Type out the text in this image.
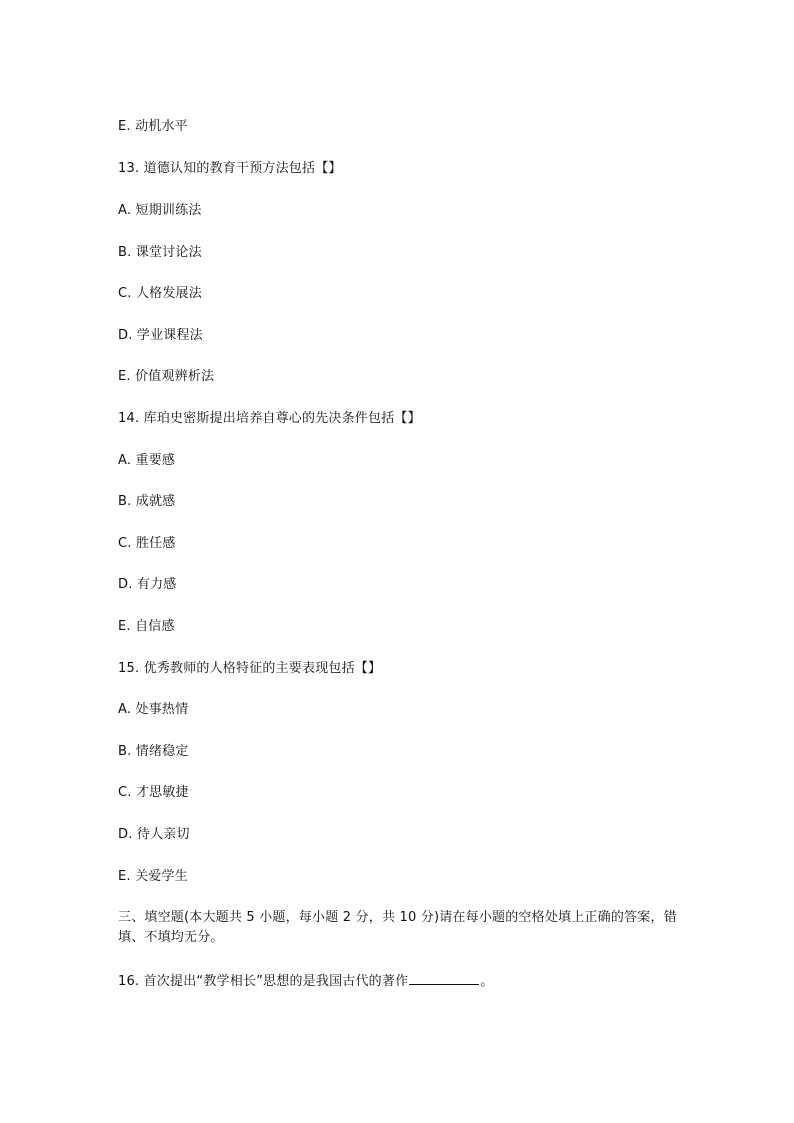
E. 动机水平
13. 道德认知的教育干预方法包括【】
A. 短期训练法
B. 课堂讨论法
C. 人格发展法
D. 学业课程法
E. 价值观辨析法
14. 库珀史密斯提出培养自尊心的先决条件包括【】
A. 重要感
B. 成就感
C. 胜任感
D. 有力感
E. 自信感
15. 优秀教师的人格特征的主要表现包括【】
A. 处事热情
B. 情绪稳定
C. 才思敏捷
D. 待人亲切
E. 关爱学生
三、填空题(本大题共 5 小题，每小题 2 分，共 10 分)请在每小题的空格处填上正确的答案，错填、不填均无分。
16. 首次提出“教学相长”思想的是我国古代的著作	。
